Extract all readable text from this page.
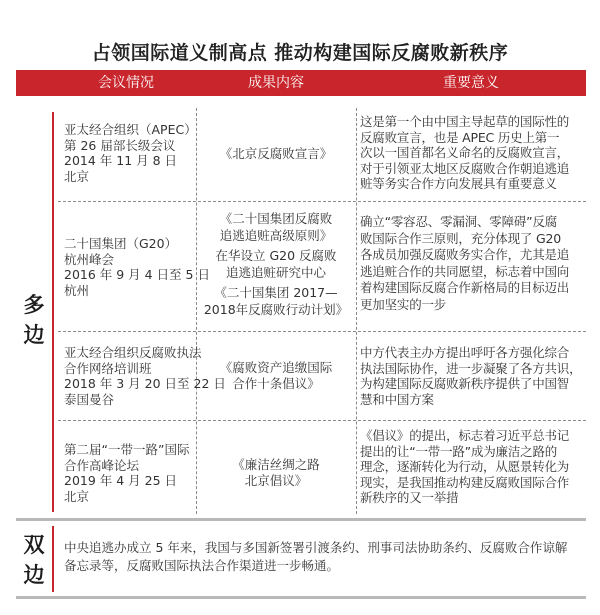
占领国际道义制高点 推动构建国际反腐败新秩序
会议情况	成果内容	重要意义
多
边
双
边
亚太经合组织（APEC）
第 26 届部长级会议
2014 年 11 月 8 日
北京
《北京反腐败宣言》
这是第一个由中国主导起草的国际性的
反腐败宣言，也是 APEC 历史上第一
次以一国首都名义命名的反腐败宣言，
对于引领亚太地区反腐败合作朝追逃追
赃等务实合作方向发展具有重要意义
二十国集团（G20）
杭州峰会
2016 年 9 月 4 日至 5 日
杭州
《二十国集团反腐败
追逃追赃高级原则》
在华设立 G20 反腐败
追逃追赃研究中心
《二十国集团 2017—
2018年反腐败行动计划》
确立“零容忍、零漏洞、零障碍”反腐
败国际合作三原则，充分体现了 G20
各成员加强反腐败务实合作，尤其是追
逃追赃合作的共同愿望，标志着中国向
着构建国际反腐合作新格局的目标迈出
更加坚实的一步
亚太经合组织反腐败执法
合作网络培训班
2018 年 3 月 20 日至 22 日
泰国曼谷
《腐败资产追缴国际
合作十条倡议》
中方代表主办方提出呼吁各方强化综合
执法国际协作，进一步凝聚了各方共识，
为构建国际反腐败新秩序提供了中国智
慧和中国方案
第二届“一带一路”国际
合作高峰论坛
2019 年 4 月 25 日
北京
《廉洁丝绸之路
北京倡议》
《倡议》的提出，标志着习近平总书记
提出的让“一带一路”成为廉洁之路的
理念，逐渐转化为行动，从愿景转化为
现实，是我国推动构建反腐败国际合作
新秩序的又一举措
中央追逃办成立 5 年来，我国与多国新签署引渡条约、刑事司法协助条约、反腐败合作谅解
备忘录等，反腐败国际执法合作渠道进一步畅通。
